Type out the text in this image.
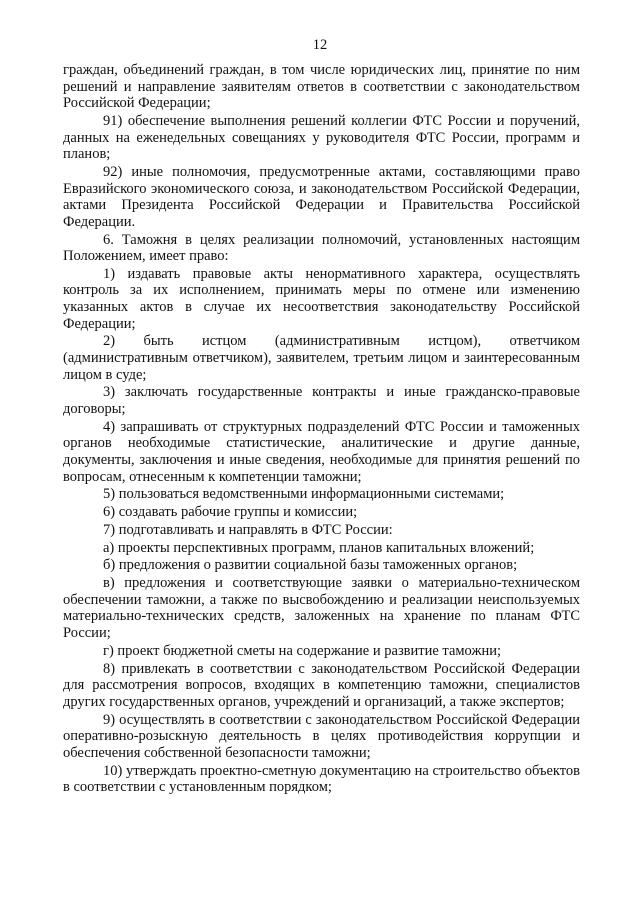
12

граждан, объединений граждан, в том числе юридических лиц, принятие по ним решений и направление заявителям ответов в соответствии с законодательством Российской Федерации;

91) обеспечение выполнения решений коллегии ФТС России и поручений, данных на еженедельных совещаниях у руководителя ФТС России, программ и планов;

92) иные полномочия, предусмотренные актами, составляющими право Евразийского экономического союза, и законодательством Российской Федерации, актами Президента Российской Федерации и Правительства Российской Федерации.

6. Таможня в целях реализации полномочий, установленных настоящим Положением, имеет право:

1) издавать правовые акты ненормативного характера, осуществлять контроль за их исполнением, принимать меры по отмене или изменению указанных актов в случае их несоответствия законодательству Российской Федерации;

2) быть истцом (административным истцом), ответчиком (административным ответчиком), заявителем, третьим лицом и заинтересованным лицом в суде;

3) заключать государственные контракты и иные гражданско-правовые договоры;

4) запрашивать от структурных подразделений ФТС России и таможенных органов необходимые статистические, аналитические и другие данные, документы, заключения и иные сведения, необходимые для принятия решений по вопросам, отнесенным к компетенции таможни;

5) пользоваться ведомственными информационными системами;

6) создавать рабочие группы и комиссии;

7) подготавливать и направлять в ФТС России:

а) проекты перспективных программ, планов капитальных вложений;

б) предложения о развитии социальной базы таможенных органов;

в) предложения и соответствующие заявки о материально-техническом обеспечении таможни, а также по высвобождению и реализации неиспользуемых материально-технических средств, заложенных на хранение по планам ФТС России;

г) проект бюджетной сметы на содержание и развитие таможни;

8) привлекать в соответствии с законодательством Российской Федерации для рассмотрения вопросов, входящих в компетенцию таможни, специалистов других государственных органов, учреждений и организаций, а также экспертов;

9) осуществлять в соответствии с законодательством Российской Федерации оперативно-розыскную деятельность в целях противодействия коррупции и обеспечения собственной безопасности таможни;

10) утверждать проектно-сметную документацию на строительство объектов в соответствии с установленным порядком;
